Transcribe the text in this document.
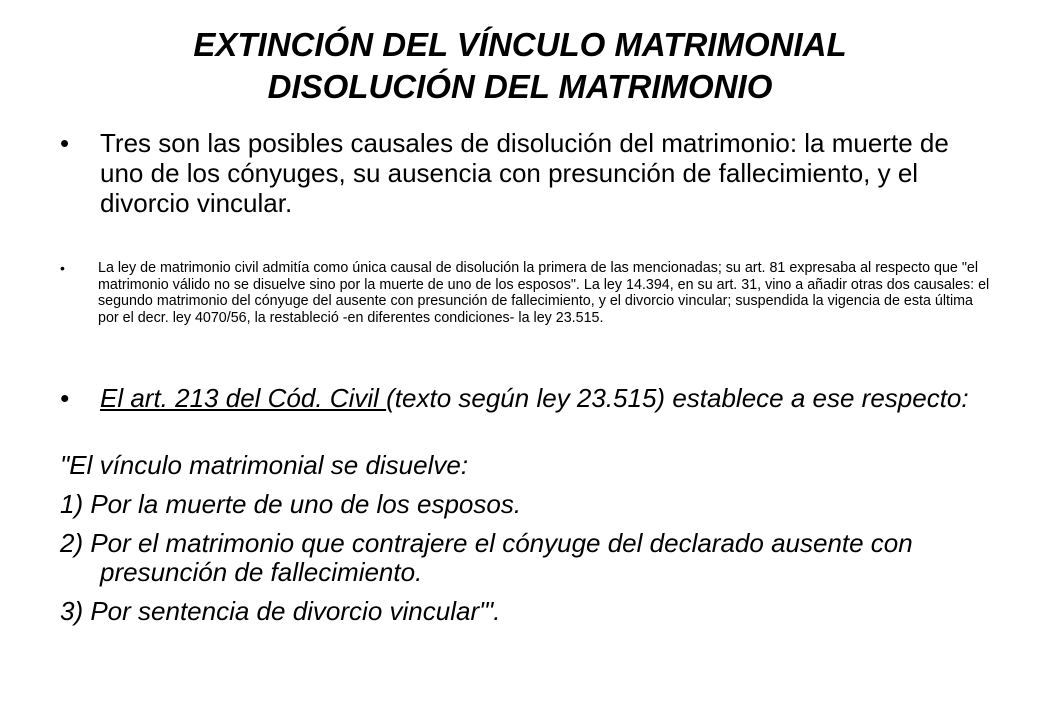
EXTINCIÓN DEL VÍNCULO MATRIMONIAL
DISOLUCIÓN DEL MATRIMONIO

• Tres son las posibles causales de disolución del matrimonio: la muerte de uno de los cónyuges, su ausencia con presunción de fallecimiento, y el divorcio vincular.

• La ley de matrimonio civil admitía como única causal de disolución la primera de las mencionadas; su art. 81 expresaba al respecto que "el matrimonio válido no se disuelve sino por la muerte de uno de los esposos". La ley 14.394, en su art. 31, vino a añadir otras dos causales: el segundo matrimonio del cónyuge del ausente con presunción de fallecimiento, y el divorcio vincular; suspendida la vigencia de esta última por el decr. ley 4070/56, la restableció -en diferentes condiciones- la ley 23.515.

• El art. 213 del Cód. Civil (texto según ley 23.515) establece a ese respecto:

"El vínculo matrimonial se disuelve:

1) Por la muerte de uno de los esposos.

2) Por el matrimonio que contrajere el cónyuge del declarado ausente con presunción de fallecimiento.

3) Por sentencia de divorcio vincular"'.
